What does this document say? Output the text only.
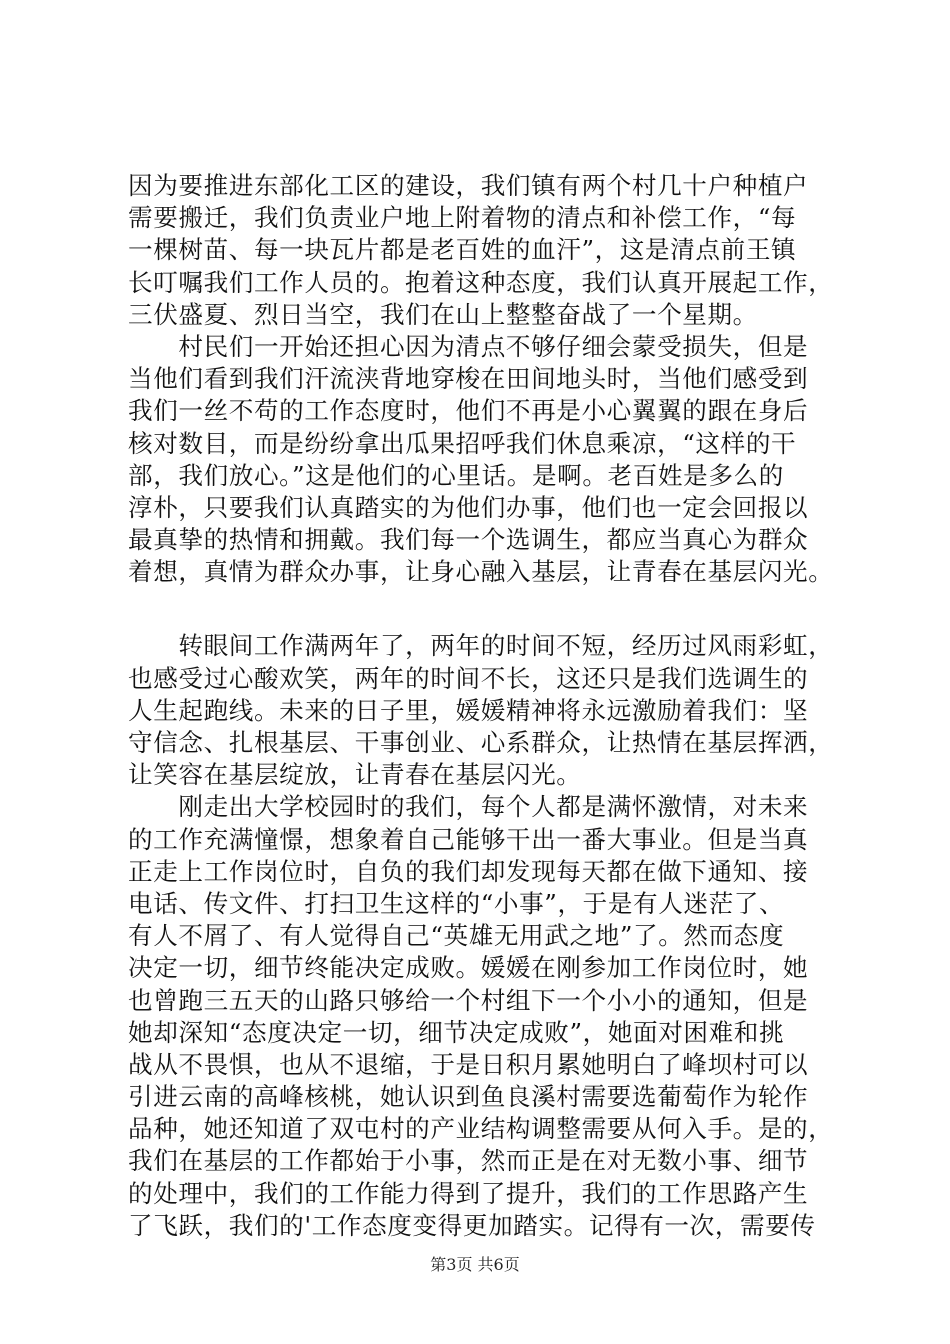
因为要推进东部化工区的建设，我们镇有两个村几十户种植户
需要搬迁，我们负责业户地上附着物的清点和补偿工作，“每
一棵树苗、每一块瓦片都是老百姓的血汗”，这是清点前王镇
长叮嘱我们工作人员的。抱着这种态度，我们认真开展起工作，
三伏盛夏、烈日当空，我们在山上整整奋战了一个星期。
　　村民们一开始还担心因为清点不够仔细会蒙受损失，但是
当他们看到我们汗流浃背地穿梭在田间地头时，当他们感受到
我们一丝不苟的工作态度时，他们不再是小心翼翼的跟在身后
核对数目，而是纷纷拿出瓜果招呼我们休息乘凉，“这样的干
部，我们放心。”这是他们的心里话。是啊。老百姓是多么的
淳朴，只要我们认真踏实的为他们办事，他们也一定会回报以
最真挚的热情和拥戴。我们每一个选调生，都应当真心为群众
着想，真情为群众办事，让身心融入基层，让青春在基层闪光。
　　转眼间工作满两年了，两年的时间不短，经历过风雨彩虹，
也感受过心酸欢笑，两年的时间不长，这还只是我们选调生的
人生起跑线。未来的日子里，媛媛精神将永远激励着我们：坚
守信念、扎根基层、干事创业、心系群众，让热情在基层挥洒，
让笑容在基层绽放，让青春在基层闪光。
　　刚走出大学校园时的我们，每个人都是满怀激情，对未来
的工作充满憧憬，想象着自己能够干出一番大事业。但是当真
正走上工作岗位时，自负的我们却发现每天都在做下通知、接
电话、传文件、打扫卫生这样的“小事”，于是有人迷茫了、
有人不屑了、有人觉得自己“英雄无用武之地”了。然而态度
决定一切，细节终能决定成败。媛媛在刚参加工作岗位时，她
也曾跑三五天的山路只够给一个村组下一个小小的通知，但是
她却深知“态度决定一切，细节决定成败”，她面对困难和挑
战从不畏惧，也从不退缩，于是日积月累她明白了峰坝村可以
引进云南的高峰核桃，她认识到鱼良溪村需要选葡萄作为轮作
品种，她还知道了双屯村的产业结构调整需要从何入手。是的，
我们在基层的工作都始于小事，然而正是在对无数小事、细节
的处理中，我们的工作能力得到了提升，我们的工作思路产生
了飞跃，我们的'工作态度变得更加踏实。记得有一次，需要传
第3页 共6页
